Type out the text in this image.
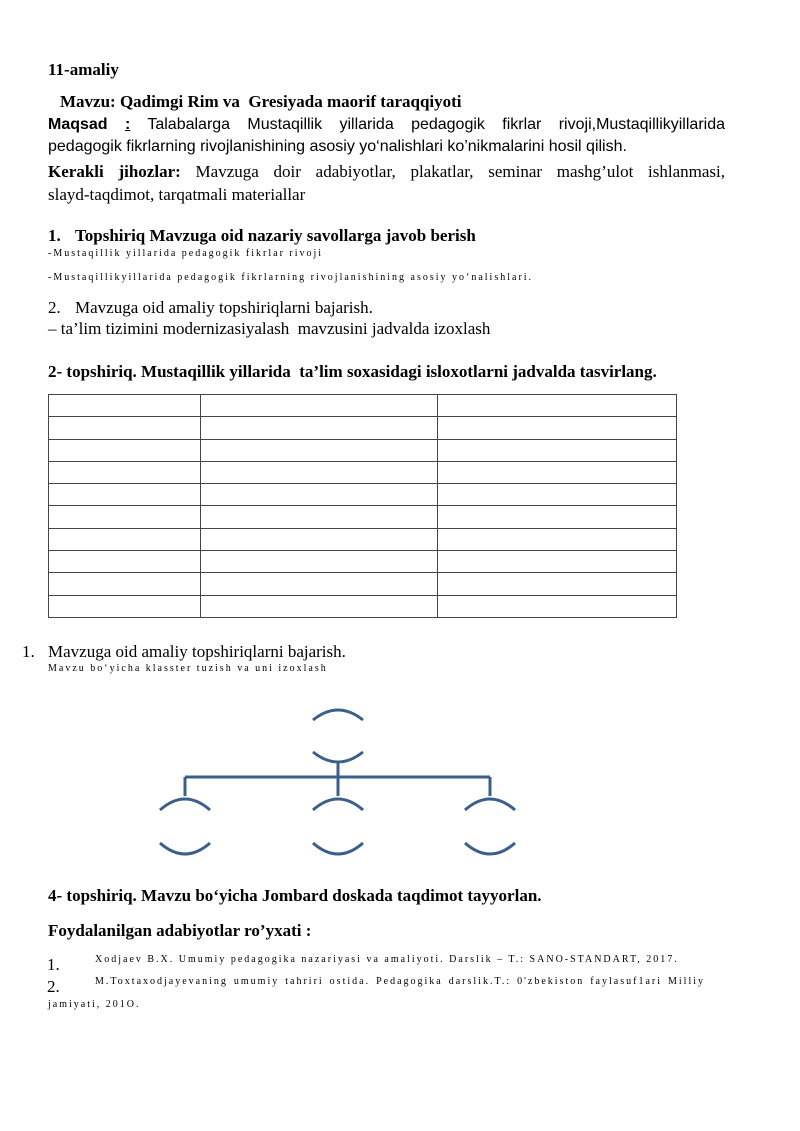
11-amaliy
Mavzu: Qadimgi Rim va  Gresiyada maorif taraqqiyoti
Maqsad : Talabalarga Mustaqillik yillarida pedagogik fikrlar rivoji,Mustaqillikyillarida
pedagogik fikrlarning rivojlanishining asosiy yo‘nalishlari ko’nikmalarini hosil qilish.
Kerakli jihozlar: Mavzuga doir adabiyotlar, plakatlar, seminar mashg’ulot ishlanmasi,
slayd-taqdimot, tarqatmali materiallar
1. Topshiriq Mavzuga oid nazariy savollarga javob berish
-Mustaqillik yillarida pedagogik fikrlar rivoji
-Mustaqillikyillarida pedagogik fikrlarning rivojlanishining asosiy yo‘nalishlari.
2. Mavzuga oid amaliy topshiriqlarni bajarish.
– ta’lim tizimini modernizasiyalash  mavzusini jadvalda izoxlash
2- topshiriq. Mustaqillik yillarida  ta’lim soxasidagi isloxotlarni jadvalda tasvirlang.

1. Mavzuga oid amaliy topshiriqlarni bajarish.
Mavzu bo‘yicha klasster tuzish va uni izoxlash
4- topshiriq. Mavzu bo‘yicha Jombard doskada taqdimot tayyorlan.
Foydalanilgan adabiyotlar ro’yxati :
1.	Xodjaev B.X. Umumiy pedagogika nazariyasi va amaliyoti. Darslik – T.: SANO-STANDART, 2017.
2.	M.Toxtaxodjayevaning umumiy tahriri ostida. Pedagogika darslik.T.: 0'zbekiston faylasuf1ari Milliy
jamiyati, 201O.
